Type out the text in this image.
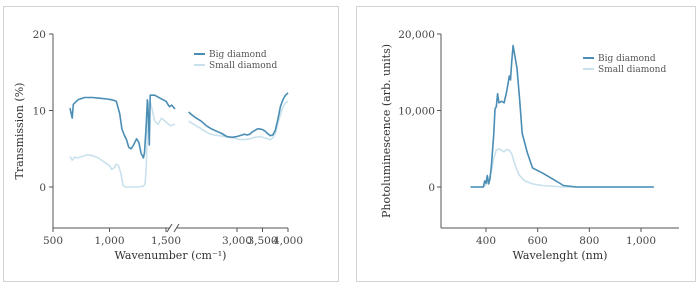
0
10
20
500	1,000	1,500	3,000
3,500
4,000
Wavenumber (cm⁻¹)
Transmission (%)
Big diamond
Small diamond
0
10,000
20,000
400	600	800	1,000
Wavelenght (nm)
Photoluminescence (arb. units)	Big diamond
Small diamond
